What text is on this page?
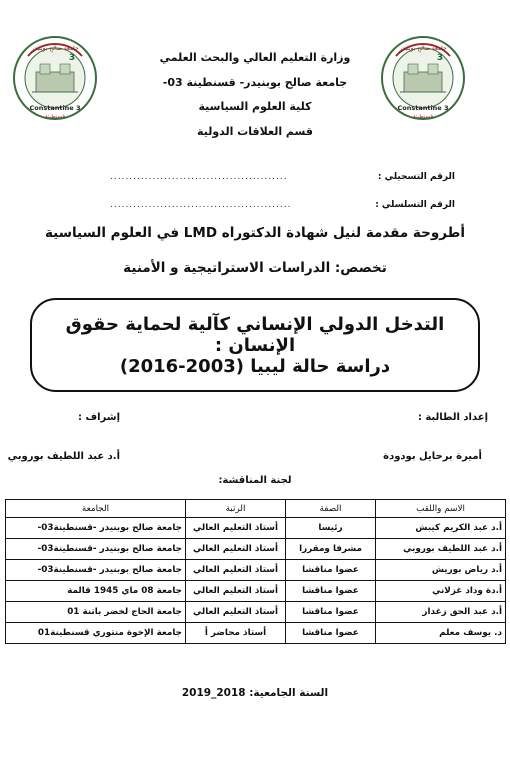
جامعة صالح بوبنيدر
3
Constantine 3
قسنطينة
جامعة صالح بوبنيدر
3
Constantine 3
قسنطينة
وزارة التعليم العالي والبحث العلمي
جامعة صالح بوبنيدر- قسنطينة 03-
كلية العلوم السياسية
قسم العلاقات الدولية
الرقم التسجيلي :
..............................................
الرقم التسلسلي :
...............................................
أطروحة مقدمة لنيل شهادة الدكتوراه LMD في العلوم السياسية
تخصص: الدراسات الاستراتيجية و الأمنية
التدخل الدولي الإنساني كآلية لحماية حقوق الإنسان :
دراسة حالة ليبيا (2003-2016)
إعداد الطالبة :
إشراف :
أميرة برحايل بودودة
أ.د عبد اللطيف بوروبي
لجنة المناقشة:
الاسم واللقب	الصفة	الرتبة	الجامعة
أ.د عبد الكريم كيبش	رئيسا	أستاذ التعليم العالي	جامعة صالح بوبنيدر -قسنطينة03-
أ.د عبد اللطيف بوروبي	مشرفا ومقررا	أستاذ التعليم العالي	جامعة صالح بوبنيدر -قسنطينة03-
أ.د رياض بوريش	عضوا مناقشا	أستاذ التعليم العالي	جامعة صالح بوبنيدر -قسنطينة03-
أ.دة وداد غزلاني	عضوا مناقشا	أستاذ التعليم العالي	جامعة 08 ماي 1945 قالمة
أ.د عبد الحق زغدار	عضوا مناقشا	أستاذ التعليم العالي	جامعة الحاج لخضر باتنة 01
د. يوسف معلم	عضوا مناقشا	أستاذ محاضر أ	جامعة الإخوة منتوري قسنطينة01
السنة الجامعية: 2019_2018
